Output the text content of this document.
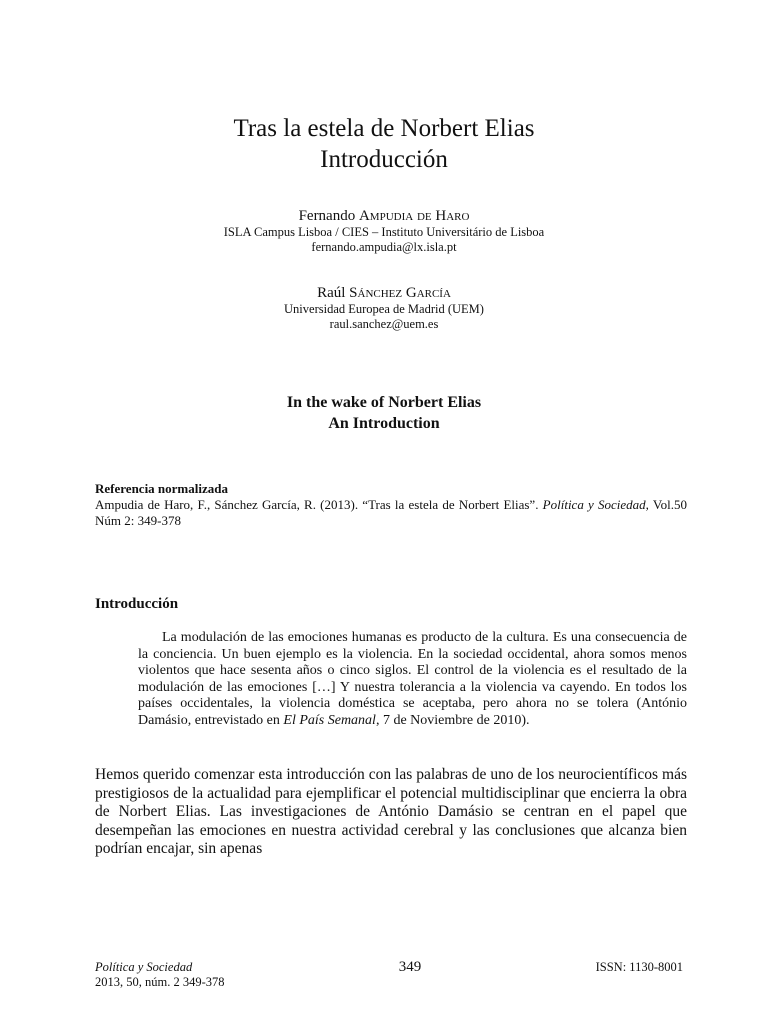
Tras la estela de Norbert Elias
Introducción
Fernando Ampudia de Haro
ISLA Campus Lisboa / CIES – Instituto Universitário de Lisboa
fernando.ampudia@lx.isla.pt
Raúl Sánchez García
Universidad Europea de Madrid (UEM)
raul.sanchez@uem.es
In the wake of Norbert Elias
An Introduction
Referencia normalizada
Ampudia de Haro, F., Sánchez García, R. (2013). “Tras la estela de Norbert Elias”. Política y Sociedad, Vol.50 Núm 2: 349-378
Introducción
La modulación de las emociones humanas es producto de la cultura. Es una consecuencia de la conciencia. Un buen ejemplo es la violencia. En la sociedad occidental, ahora somos menos violentos que hace sesenta años o cinco siglos. El control de la violencia es el resultado de la modulación de las emociones […] Y nuestra tolerancia a la violencia va cayendo. En todos los países occidentales, la violencia doméstica se aceptaba, pero ahora no se tolera (António Damásio, entrevistado en El País Semanal, 7 de Noviembre de 2010).
Hemos querido comenzar esta introducción con las palabras de uno de los neurocientíficos más prestigiosos de la actualidad para ejemplificar el potencial multidisciplinar que encierra la obra de Norbert Elias. Las investigaciones de António Damásio se centran en el papel que desempeñan las emociones en nuestra actividad cerebral y las conclusiones que alcanza bien podrían encajar, sin apenas
Política y Sociedad
2013, 50, núm. 2 349-378
349	ISSN: 1130-8001
